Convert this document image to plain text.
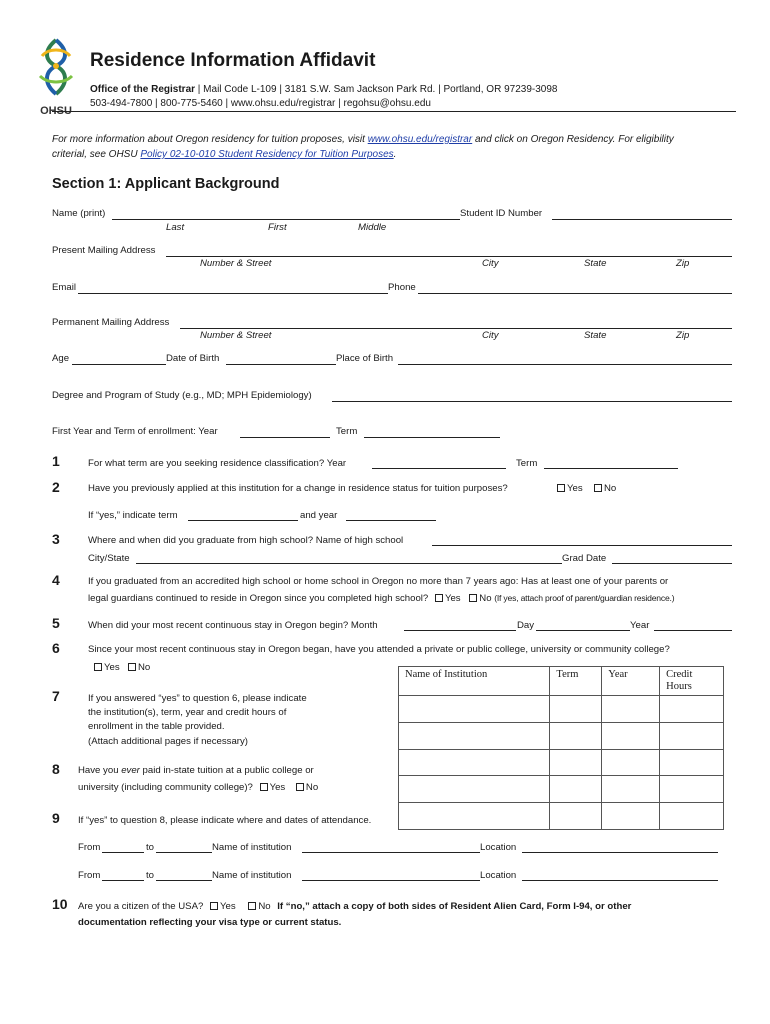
OHSU
Residence Information Affidavit
Office of the Registrar | Mail Code L-109 | 3181 S.W. Sam Jackson Park Rd. | Portland, OR 97239-3098
503-494-7800 | 800-775-5460 | www.ohsu.edu/registrar | regohsu@ohsu.edu
For more information about Oregon residency for tuition proposes, visit www.ohsu.edu/registrar and click on Oregon Residency. For eligibility
criterial, see OHSU Policy 02-10-010 Student Residency for Tuition Purposes.
Section 1: Applicant Background
Name (print)	Student ID Number
Last	First	Middle
Present Mailing Address
Number & Street	City	State	Zip
Email	Phone
Permanent Mailing Address
Number & Street	City	State	Zip
Age	Date of Birth	Place of Birth
Degree and Program of Study (e.g., MD; MPH Epidemiology)
First Year and Term of enrollment: Year	Term
1	For what term are you seeking residence classification? Year	Term
2	Have you previously applied at this institution for a change in residence status for tuition purposes?	Yes	No
If “yes,” indicate term	and year
3	Where and when did you graduate from high school? Name of high school
City/State	Grad Date
4	If you graduated from an accredited high school or home school in Oregon no more than 7 years ago: Has at least one of your parents or
legal guardians continued to reside in Oregon since you completed high school? Yes No (If yes, attach proof of parent/guardian residence.)
5	When did your most recent continuous stay in Oregon begin? Month	Day	Year
6	Since your most recent continuous stay in Oregon began, have you attended a private or public college, university or community college?
Yes	No
Name of Institution	Term	Year	Credit Hours

7	If you answered “yes” to question 6, please indicate
the institution(s), term, year and credit hours of
enrollment in the table provided.
(Attach additional pages if necessary)
8 Have you ever paid in-state tuition at a public college or
university (including community college)? Yes No
9 If “yes” to question 8, please indicate where and dates of attendance.
From	to	Name of institution	Location
From	to	Name of institution	Location
10 Are you a citizen of the USA? Yes No If “no,” attach a copy of both sides of Resident Alien Card, Form I-94, or other
documentation reflecting your visa type or current status.
